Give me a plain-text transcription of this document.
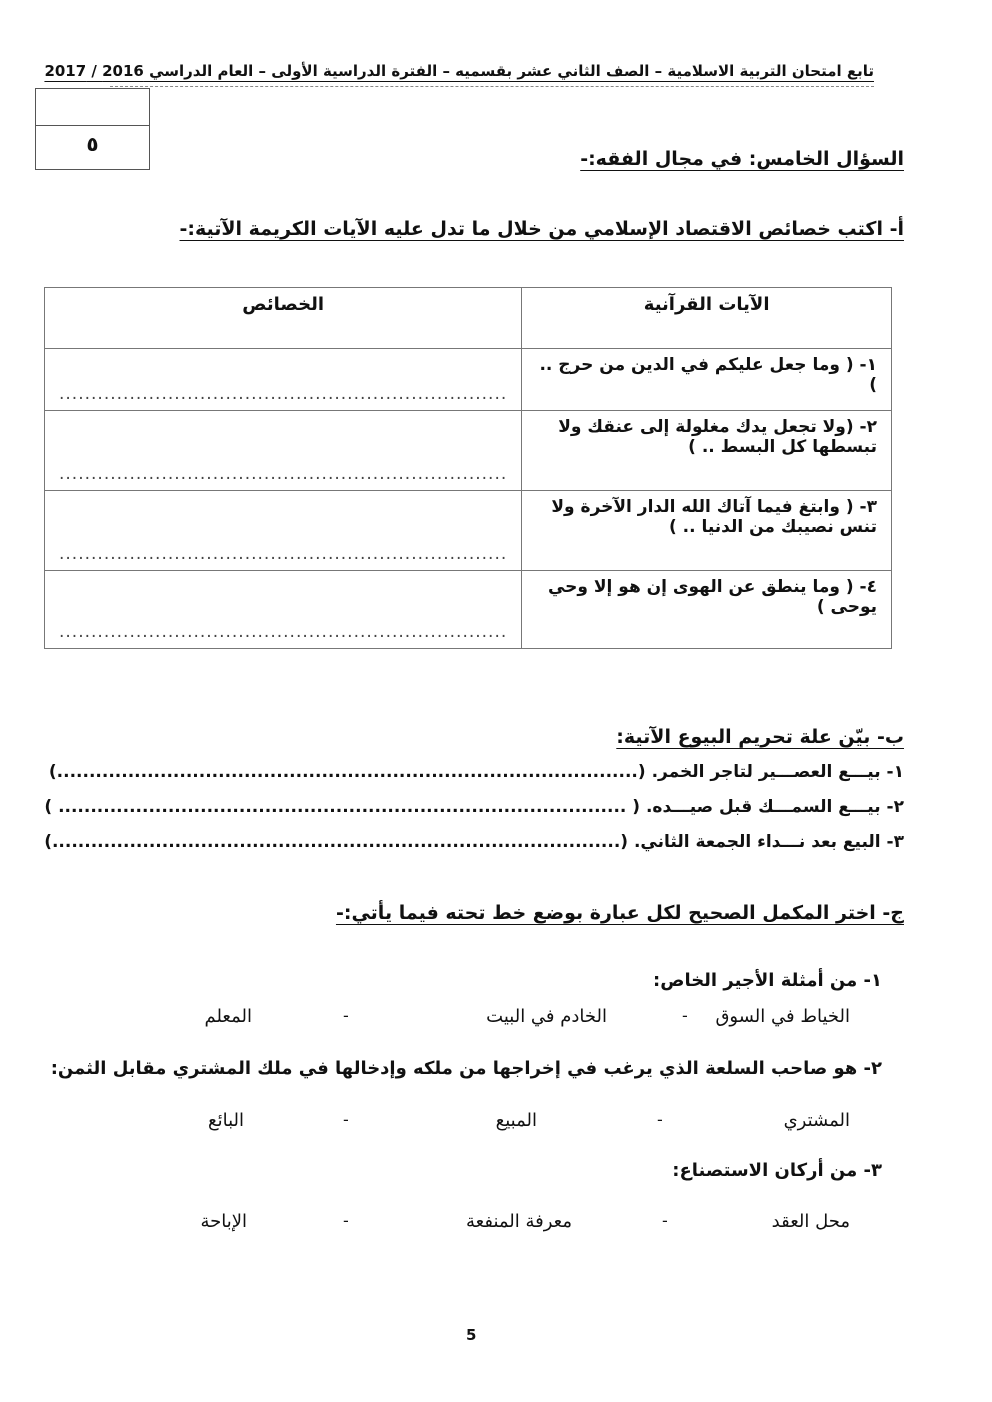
تابع امتحان التربية الاسلامية – الصف الثاني عشر بقسميه – الفترة الدراسية الأولى – العام الدراسي 2016 / 2017
٥
السؤال الخامس: في مجال الفقه:-
أ- اكتب خصائص الاقتصاد الإسلامي من خلال ما تدل عليه الآيات الكريمة الآتية:-
الآيات القرآنية	الخصائص
١- ( وما جعل عليكم في الدين من حرج .. )	......................................................................
٢- (ولا تجعل يدك مغلولة إلى عنقك ولا تبسطها كل البسط .. )	......................................................................
٣- ( وابتغ فيما آتاك الله الدار الآخرة ولا تنس نصيبك من الدنيا .. )	......................................................................
٤- ( وما ينطق عن الهوى إن هو إلا وحي يوحى )	......................................................................
ب- بيّن علة تحريم البيوع الآتية:
١- بيـــع العصـــير لتاجر الخمر. (..........................................................................................)
٢- بيـــع السمـــك قبل صيـــده. ( ........................................................................................ )
٣- البيع بعد نـــداء الجمعة الثاني. (........................................................................................)
ج- اختر المكمل الصحيح لكل عبارة بوضع خط تحته فيما يأتي:-
١- من أمثلة الأجير الخاص:
الخياط في السوق
-
الخادم في البيت
-
المعلم
٢- هو صاحب السلعة الذي يرغب في إخراجها من ملكه وإدخالها في ملك المشتري مقابل الثمن:
المشتري
-
المبيع
-
البائع
٣- من أركان الاستصناع:
محل العقد
-
معرفة المنفعة
-
الإباحة
5
